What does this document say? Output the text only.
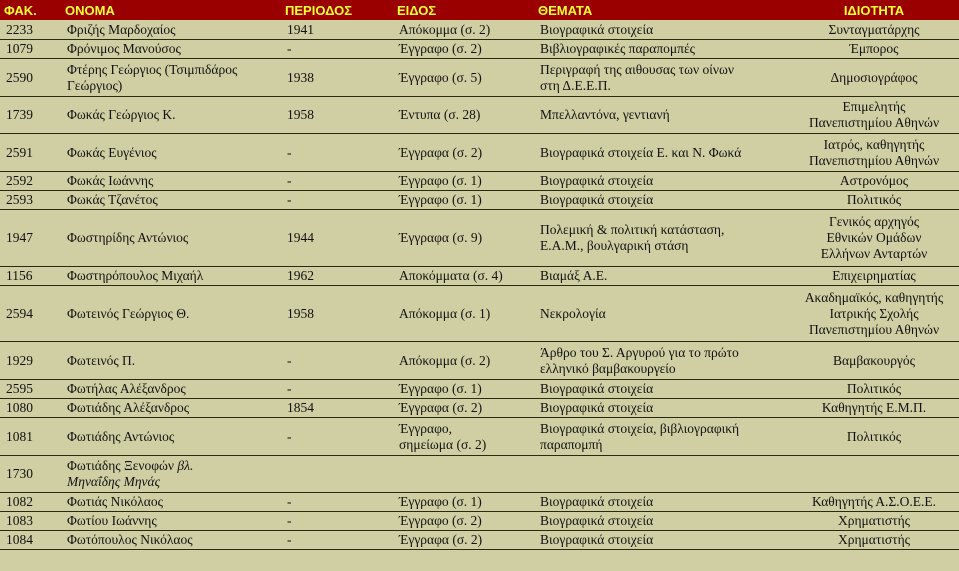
ΦΑΚ.	ΟΝΟΜΑ	ΠΕΡΙΟΔΟΣ	ΕΙΔΟΣ	ΘΕΜΑΤΑ	ΙΔΙΟΤΗΤΑ
2233	Φριζής Μαρδοχαίος	1941	Απόκομμα (σ. 2)	Βιογραφικά στοιχεία	Συνταγματάρχης
1079	Φρόνιμος Μανούσος	-	Έγγραφο (σ. 2)	Βιβλιογραφικές παραπομπές	Έμπορος
2590	Φτέρης Γεώργιος (Τσιμπιδάρος
Γεώργιος)	1938	Έγγραφο (σ. 5)	Περιγραφή της αιθουσας των οίνων
στη Δ.Ε.Ε.Π.	Δημοσιογράφος
1739	Φωκάς Γεώργιος Κ.	1958	Έντυπα (σ. 28)	Μπελλαντόνα, γεντιανή	Επιμελητής
Πανεπιστημίου Αθηνών
2591	Φωκάς Ευγένιος	-	Έγγραφα (σ. 2)	Βιογραφικά στοιχεία Ε. και Ν. Φωκά	Ιατρός, καθηγητής
Πανεπιστημίου Αθηνών
2592	Φωκάς Ιωάννης	-	Έγγραφο (σ. 1)	Βιογραφικά στοιχεία	Αστρονόμος
2593	Φωκάς Τζανέτος	-	Έγγραφο (σ. 1)	Βιογραφικά στοιχεία	Πολιτικός
1947	Φωστηρίδης Αντώνιος	1944	Έγγραφα (σ. 9)	Πολεμική & πολιτική κατάσταση,
Ε.Α.Μ., βουλγαρική στάση	Γενικός αρχηγός
Εθνικών Ομάδων
Ελλήνων Ανταρτών
1156	Φωστηρόπουλος Μιχαήλ	1962	Αποκόμματα (σ. 4)	Βιαμάξ Α.Ε.	Επιχειρηματίας
2594	Φωτεινός Γεώργιος Θ.	1958	Απόκομμα (σ. 1)	Νεκρολογία	Ακαδημαϊκός, καθηγητής
Ιατρικής Σχολής
Πανεπιστημίου Αθηνών
1929	Φωτεινός Π.	-	Απόκομμα (σ. 2)	Άρθρο του Σ. Αργυρού για το πρώτο
ελληνικό βαμβακουργείο	Βαμβακουργός
2595	Φωτήλας Αλέξανδρος	-	Έγγραφο (σ. 1)	Βιογραφικά στοιχεία	Πολιτικός
1080	Φωτιάδης Αλέξανδρος	1854	Έγγραφα (σ. 2)	Βιογραφικά στοιχεία	Καθηγητής Ε.Μ.Π.
1081	Φωτιάδης Αντώνιος	-	Έγγραφο,
σημείωμα (σ. 2)	Βιογραφικά στοιχεία, βιβλιογραφική
παραπομπή	Πολιτικός
1730	Φωτιάδης Ξενοφών βλ.
Μηναΐδης Μηνάς				
1082	Φωτιάς Νικόλαος	-	Έγγραφο (σ. 1)	Βιογραφικά στοιχεία	Καθηγητής Α.Σ.Ο.Ε.Ε.
1083	Φωτίου Ιωάννης	-	Έγγραφο (σ. 2)	Βιογραφικά στοιχεία	Χρηματιστής
1084	Φωτόπουλος Νικόλαος	-	Έγγραφα (σ. 2)	Βιογραφικά στοιχεία	Χρηματιστής
